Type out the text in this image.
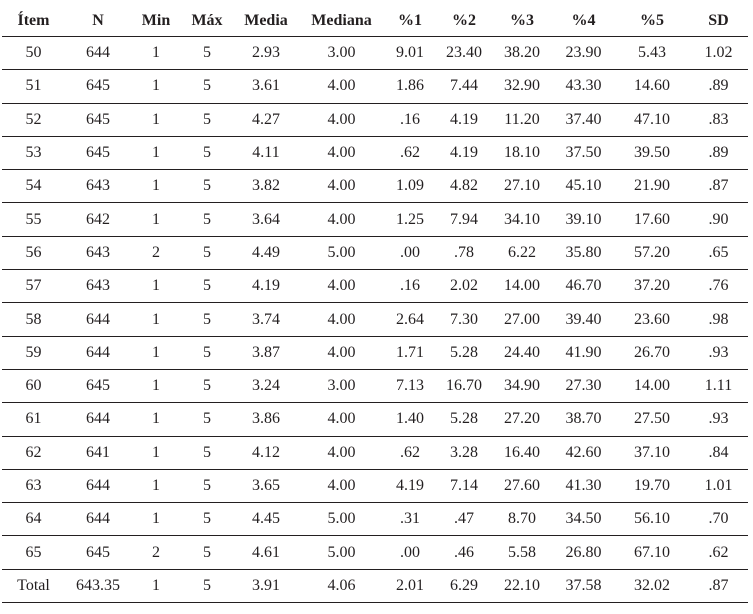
Ítem	N	Min	Máx	Media	Mediana	%1	%2	%3	%4	%5	SD
50	644	1	5	2.93	3.00	9.01	23.40	38.20	23.90	5.43	1.02
51	645	1	5	3.61	4.00	1.86	7.44	32.90	43.30	14.60	.89
52	645	1	5	4.27	4.00	.16	4.19	11.20	37.40	47.10	.83
53	645	1	5	4.11	4.00	.62	4.19	18.10	37.50	39.50	.89
54	643	1	5	3.82	4.00	1.09	4.82	27.10	45.10	21.90	.87
55	642	1	5	3.64	4.00	1.25	7.94	34.10	39.10	17.60	.90
56	643	2	5	4.49	5.00	.00	.78	6.22	35.80	57.20	.65
57	643	1	5	4.19	4.00	.16	2.02	14.00	46.70	37.20	.76
58	644	1	5	3.74	4.00	2.64	7.30	27.00	39.40	23.60	.98
59	644	1	5	3.87	4.00	1.71	5.28	24.40	41.90	26.70	.93
60	645	1	5	3.24	3.00	7.13	16.70	34.90	27.30	14.00	1.11
61	644	1	5	3.86	4.00	1.40	5.28	27.20	38.70	27.50	.93
62	641	1	5	4.12	4.00	.62	3.28	16.40	42.60	37.10	.84
63	644	1	5	3.65	4.00	4.19	7.14	27.60	41.30	19.70	1.01
64	644	1	5	4.45	5.00	.31	.47	8.70	34.50	56.10	.70
65	645	2	5	4.61	5.00	.00	.46	5.58	26.80	67.10	.62
Total	643.35	1	5	3.91	4.06	2.01	6.29	22.10	37.58	32.02	.87
